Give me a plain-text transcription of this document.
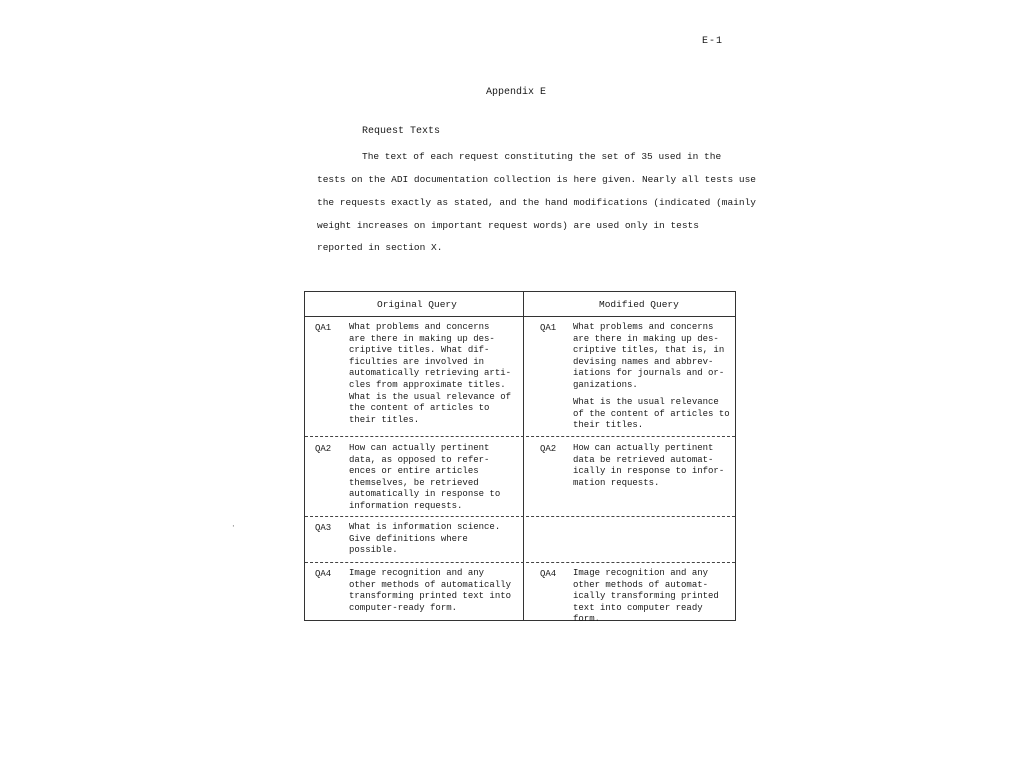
E-1
Appendix E
Request Texts
The text of each request constituting the set of 35 used in the
tests on the ADI documentation collection is here given. Nearly all tests use
the requests exactly as stated, and the hand modifications (indicated (mainly
weight increases on important request words) are used only in tests
reported in section X.
·
Original Query	Modified Query
QA1 What problems and concerns
are there in making up des-
criptive titles. What dif-
ficulties are involved in
automatically retrieving arti-
cles from approximate titles.
What is the usual relevance of
the content of articles to
their titles.
QA1 What problems and concerns
are there in making up des-
criptive titles, that is, in
devising names and abbrev-
iations for journals and or-
ganizations.
What is the usual relevance
of the content of articles to
their titles.
QA2 How can actually pertinent
data, as opposed to refer-
ences or entire articles
themselves, be retrieved
automatically in response to
information requests.
QA2 How can actually pertinent
data be retrieved automat-
ically in response to infor-
mation requests.
QA3 What is information science.
Give definitions where
possible.
QA4 Image recognition and any
other methods of automatically
transforming printed text into
computer-ready form.
QA4 Image recognition and any
other methods of automat-
ically transforming printed
text into computer ready form.
